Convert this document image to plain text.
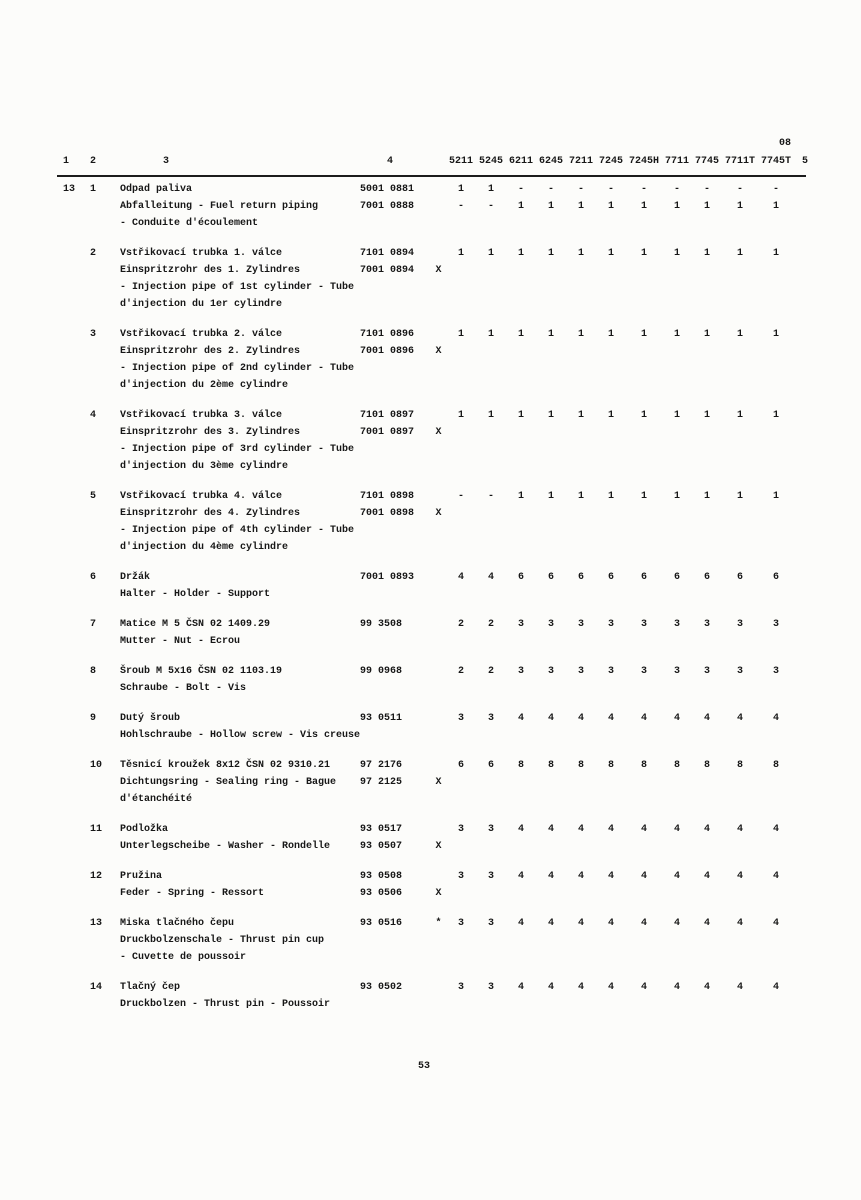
08
1	2	3	4	5211 5245 6211 6245 7211 7245 7245H 7711 7745 7711T 7745T	5
13	1	Odpad paliva
Abfalleitung - Fuel return piping
- Conduite d'écoulement
5001 0881	1	1	-	-	-	-	-	-	-	-	-
7001 0888	-	-	1	1	1	1	1	1	1	1	1
2	Vstřikovací trubka 1. válce
Einspritzrohr des 1. Zylindres
- Injection pipe of 1st cylinder - Tube
d'injection du 1er cylindre
7101 0894	1	1	1	1	1	1	1	1	1	1	1
7001 0894	X
3	Vstřikovací trubka 2. válce
Einspritzrohr des 2. Zylindres
- Injection pipe of 2nd cylinder - Tube
d'injection du 2ème cylindre
7101 0896	1	1	1	1	1	1	1	1	1	1	1
7001 0896	X
4	Vstřikovací trubka 3. válce
Einspritzrohr des 3. Zylindres
- Injection pipe of 3rd cylinder - Tube
d'injection du 3ème cylindre
7101 0897	1	1	1	1	1	1	1	1	1	1	1
7001 0897	X
5	Vstřikovací trubka 4. válce
Einspritzrohr des 4. Zylindres
- Injection pipe of 4th cylinder - Tube
d'injection du 4ème cylindre
7101 0898	-	-	1	1	1	1	1	1	1	1	1
7001 0898	X
6	Držák
Halter - Holder - Support
7001 0893	4	4	6	6	6	6	6	6	6	6	6
7	Matice M 5 ČSN 02 1409.29
Mutter - Nut - Ecrou
99 3508	2	2	3	3	3	3	3	3	3	3	3
8	Šroub M 5x16 ČSN 02 1103.19
Schraube - Bolt - Vis
99 0968	2	2	3	3	3	3	3	3	3	3	3
9	Dutý šroub
Hohlschraube - Hollow screw - Vis creuse
93 0511	3	3	4	4	4	4	4	4	4	4	4
10	Těsnicí kroužek 8x12 ČSN 02 9310.21
Dichtungsring - Sealing ring - Bague
d'étanchéité
97 2176	6	6	8	8	8	8	8	8	8	8	8
97 2125	X
11	Podložka
Unterlegscheibe - Washer - Rondelle
93 0517	3	3	4	4	4	4	4	4	4	4	4
93 0507	X
12	Pružina
Feder - Spring - Ressort
93 0508	3	3	4	4	4	4	4	4	4	4	4
93 0506	X
13	Miska tlačného čepu
Druckbolzenschale - Thrust pin cup
- Cuvette de poussoir
93 0516	*	3	3	4	4	4	4	4	4	4	4	4
14	Tlačný čep
Druckbolzen - Thrust pin - Poussoir
93 0502	3	3	4	4	4	4	4	4	4	4	4
53
